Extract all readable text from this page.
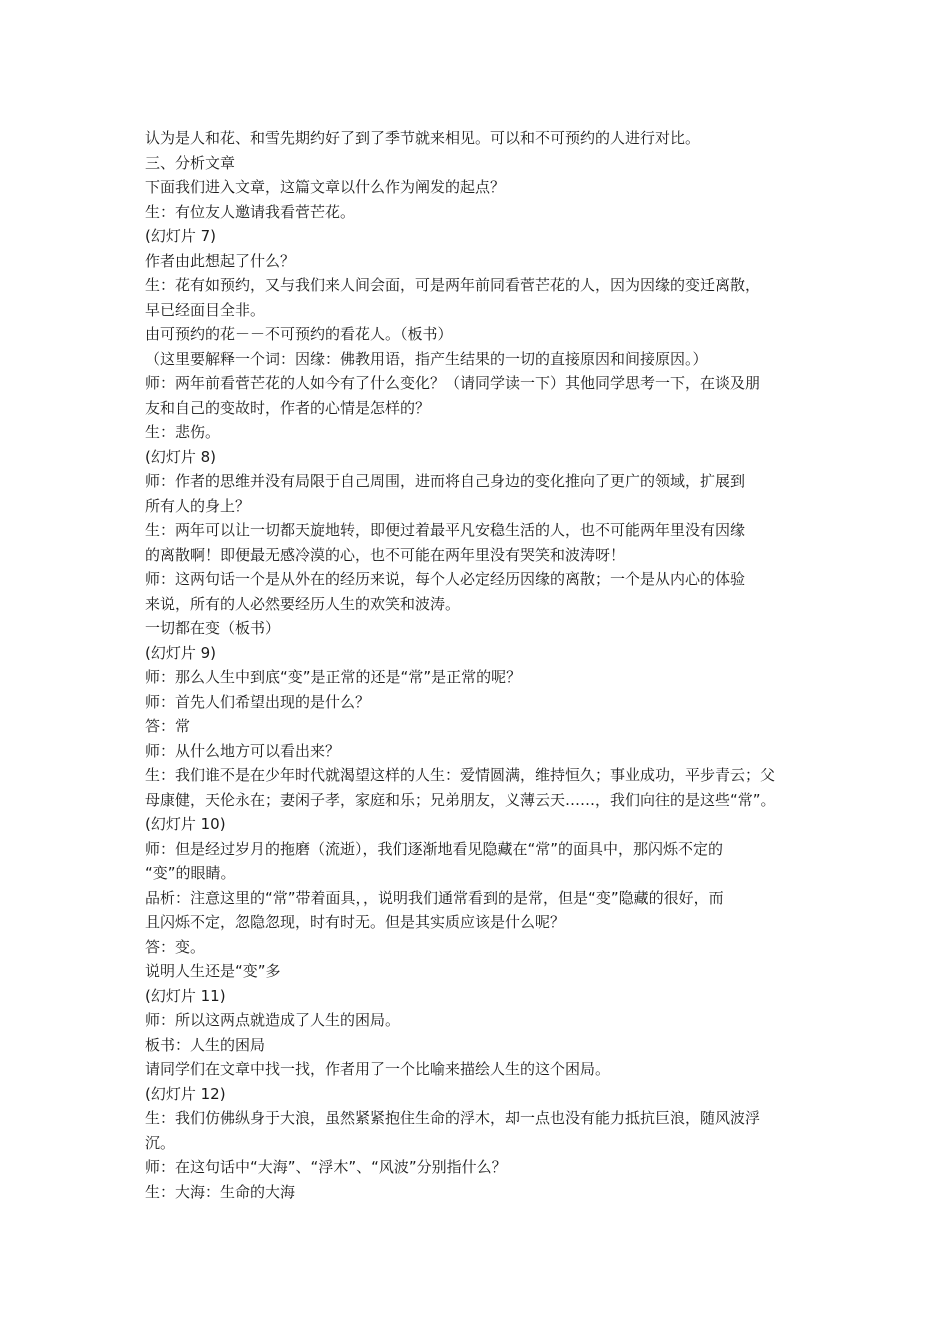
认为是人和花、和雪先期约好了到了季节就来相见。可以和不可预约的人进行对比。

三、分析文章

下面我们进入文章，这篇文章以什么作为阐发的起点？

生：有位友人邀请我看菅芒花。

(幻灯片 7)

作者由此想起了什么？

生：花有如预约，又与我们来人间会面，可是两年前同看菅芒花的人，因为因缘的变迁离散，

早已经面目全非。

由可预约的花－－不可预约的看花人。（板书）

（这里要解释一个词：因缘：佛教用语，指产生结果的一切的直接原因和间接原因。）

师：两年前看菅芒花的人如今有了什么变化？（请同学读一下）其他同学思考一下，在谈及朋

友和自己的变故时，作者的心情是怎样的？

生：悲伤。

(幻灯片 8)

师：作者的思维并没有局限于自己周围，进而将自己身边的变化推向了更广的领域，扩展到

所有人的身上？

生：两年可以让一切都天旋地转，即便过着最平凡安稳生活的人，也不可能两年里没有因缘

的离散啊！即便最无感冷漠的心，也不可能在两年里没有哭笑和波涛呀！

师：这两句话一个是从外在的经历来说，每个人必定经历因缘的离散；一个是从内心的体验

来说，所有的人必然要经历人生的欢笑和波涛。

一切都在变（板书）

(幻灯片 9)

师：那么人生中到底“变”是正常的还是“常”是正常的呢？

师：首先人们希望出现的是什么？

答：常

师：从什么地方可以看出来？

生：我们谁不是在少年时代就渴望这样的人生：爱情圆满，维持恒久；事业成功，平步青云；父

母康健，天伦永在；妻闲子孝，家庭和乐；兄弟朋友，义薄云天……，我们向往的是这些“常”。

(幻灯片 10)

师：但是经过岁月的拖磨（流逝），我们逐渐地看见隐藏在“常”的面具中，那闪烁不定的

“变”的眼睛。

品析：注意这里的“常”带着面具，，说明我们通常看到的是常，但是“变”隐藏的很好，而

且闪烁不定，忽隐忽现，时有时无。但是其实质应该是什么呢？

答：变。

说明人生还是“变”多

(幻灯片 11)

师：所以这两点就造成了人生的困局。

板书：人生的困局

请同学们在文章中找一找，作者用了一个比喻来描绘人生的这个困局。

(幻灯片 12)

生：我们仿佛纵身于大浪，虽然紧紧抱住生命的浮木，却一点也没有能力抵抗巨浪，随风波浮

沉。

师：在这句话中“大海”、“浮木”、“风波”分别指什么？

生：大海：生命的大海
